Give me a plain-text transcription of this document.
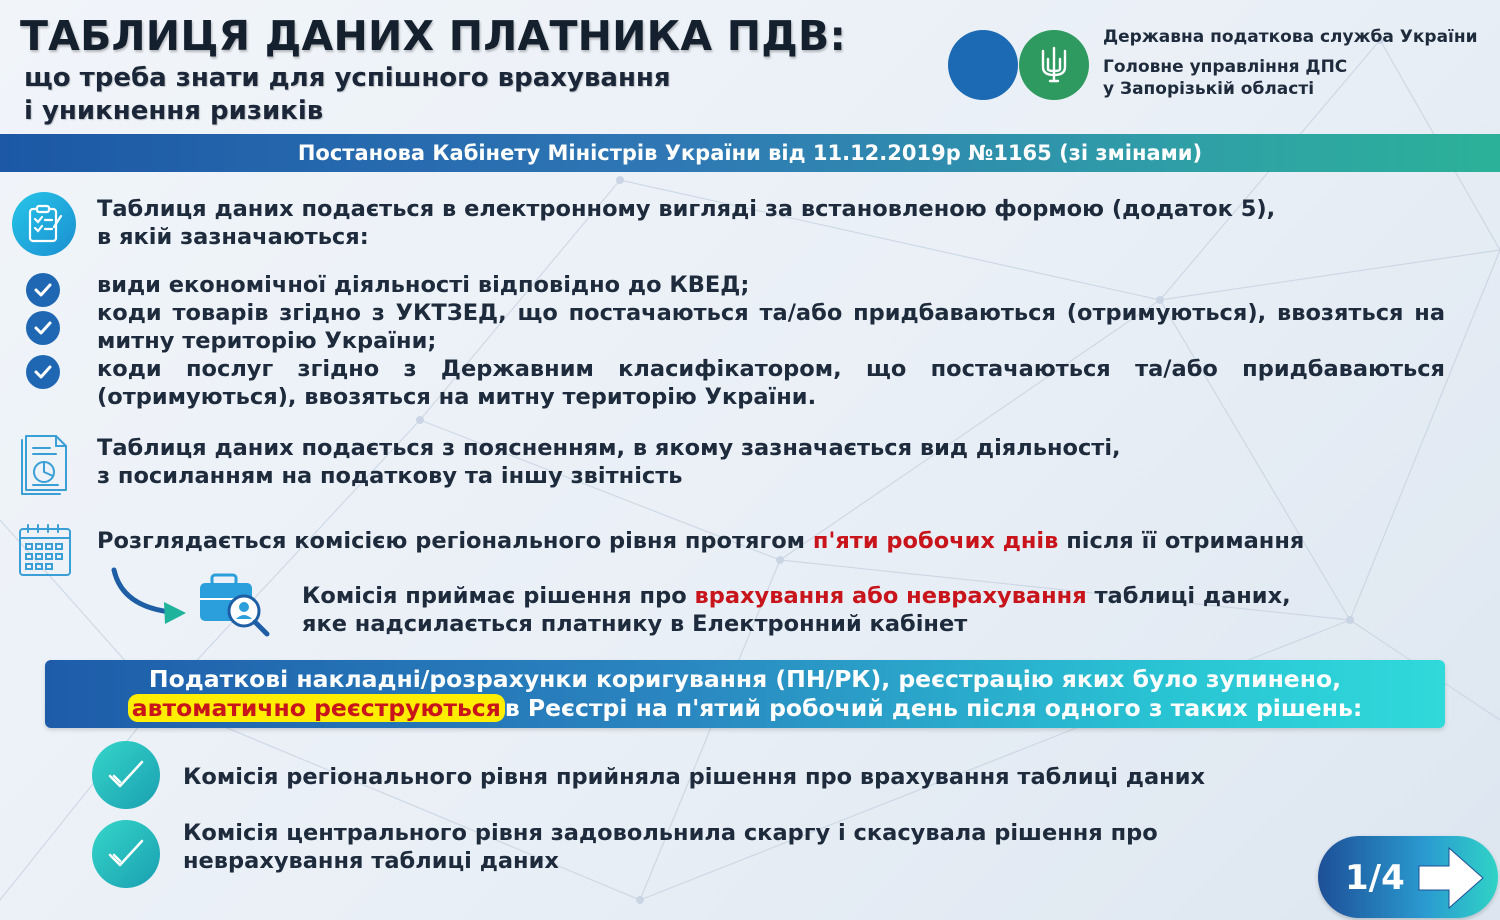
ТАБЛИЦЯ ДАНИХ ПЛАТНИКА ПДВ:
що треба знати для успішного врахування
і уникнення ризиків
Державна податкова служба України
Головне управління ДПС
у Запорізькій області
Постанова Кабінету Міністрів України від 11.12.2019р №1165 (зі змінами)
Таблиця даних подається в електронному вигляді за встановленою формою (додаток 5),
в якій зазначаються:
види економічної діяльності відповідно до КВЕД;
коди товарів згідно з УКТЗЕД, що постачаються та/або придбаваються (отримуються), ввозяться на митну територію України;
коди послуг згідно з Державним класифікатором, що постачаються та/або придбаваються (отримуються), ввозяться на митну територію України.
Таблиця даних подається з поясненням, в якому зазначається вид діяльності,
з посиланням на податкову та іншу звітність
Розглядається комісією регіонального рівня протягом п'яти робочих днів після її отримання
Комісія приймає рішення про врахування або неврахування таблиці даних,
яке надсилається платнику в Електронний кабінет
Податкові накладні/розрахунки коригування (ПН/РК), реєстрацію яких було зупинено,
автоматично реєструються в Реєстрі на п'ятий робочий день після одного з таких рішень:
Комісія регіонального рівня прийняла рішення про врахування таблиці даних
Комісія центрального рівня задовольнила скаргу і скасувала рішення про
неврахування таблиці даних	1/4
